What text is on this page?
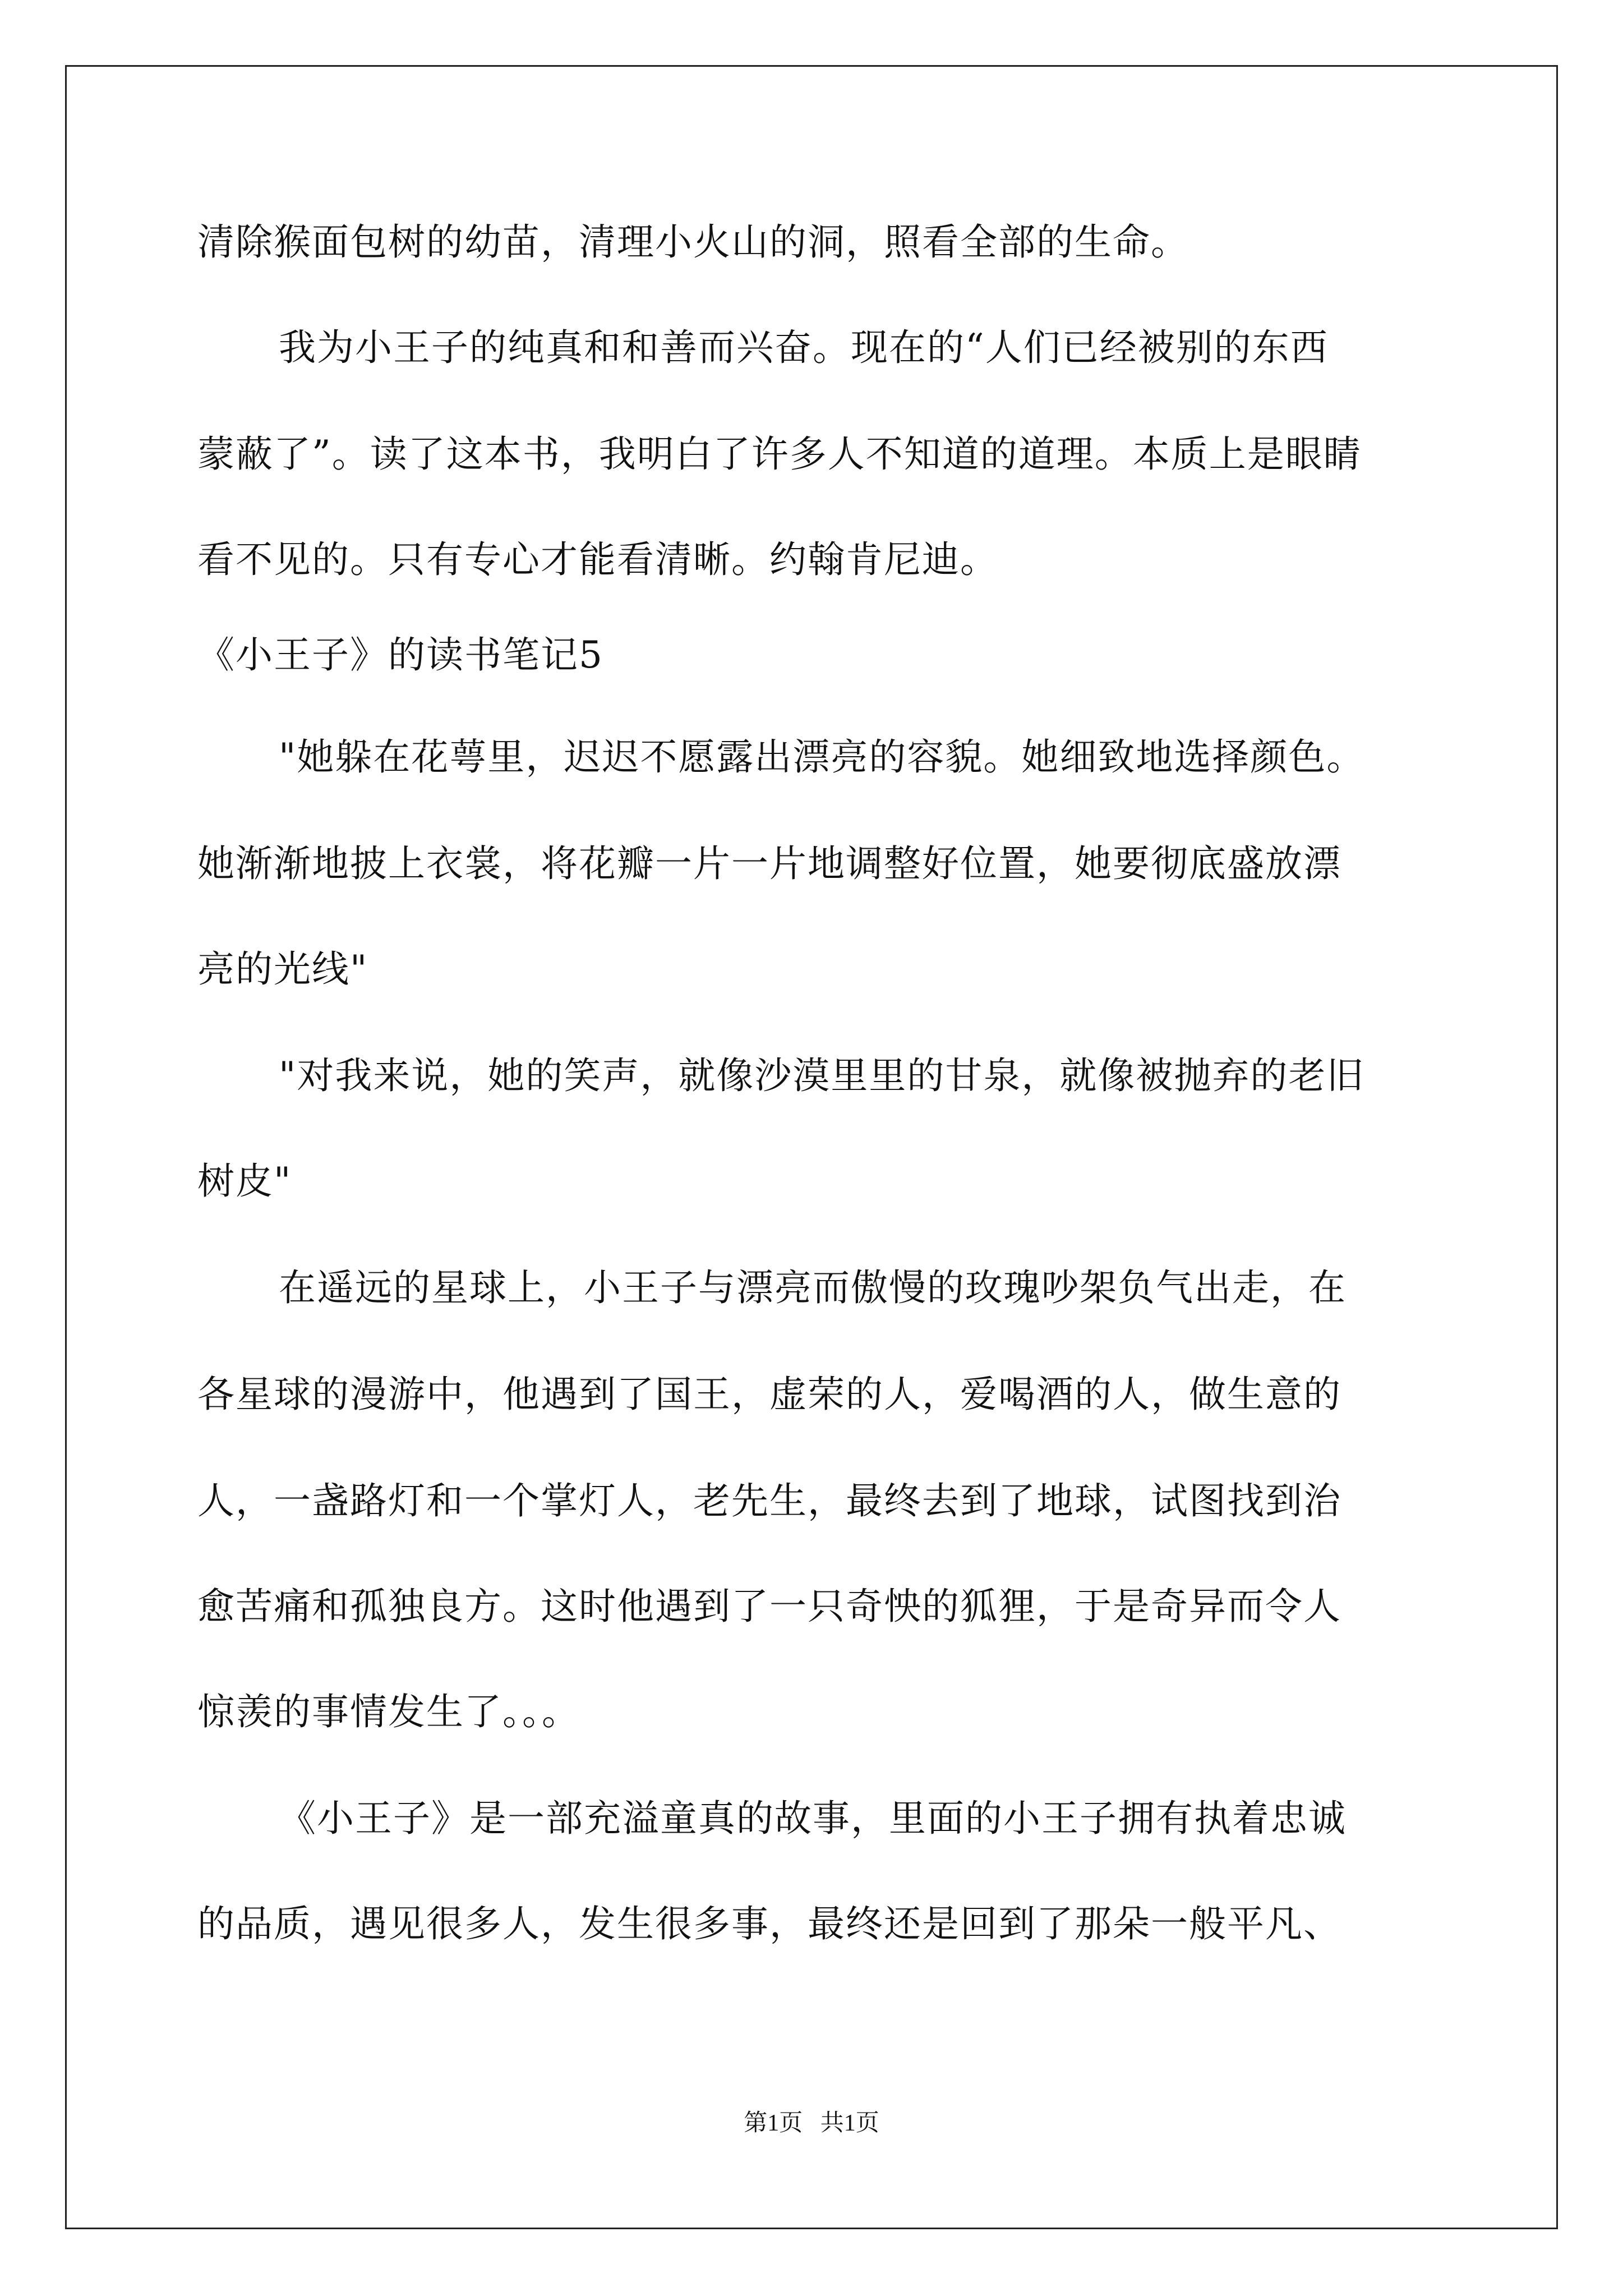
清除猴面包树的幼苗，清理小火山的洞，照看全部的生命。
我为小王子的纯真和和善而兴奋。现在的“人们已经被别的东西
蒙蔽了”。读了这本书，我明白了许多人不知道的道理。本质上是眼睛
看不见的。只有专心才能看清晰。约翰肯尼迪。
《小王子》的读书笔记5
"她躲在花萼里，迟迟不愿露出漂亮的容貌。她细致地选择颜色。
她渐渐地披上衣裳，将花瓣一片一片地调整好位置，她要彻底盛放漂
亮的光线"
"对我来说，她的笑声，就像沙漠里里的甘泉，就像被抛弃的老旧
树皮"
在遥远的星球上，小王子与漂亮而傲慢的玫瑰吵架负气出走，在
各星球的漫游中，他遇到了国王，虚荣的人，爱喝酒的人，做生意的
人，一盏路灯和一个掌灯人，老先生，最终去到了地球，试图找到治
愈苦痛和孤独良方。这时他遇到了一只奇怏的狐狸，于是奇异而令人
惊羡的事情发生了。。。
《小王子》是一部充溢童真的故事，里面的小王子拥有执着忠诚
的品质，遇见很多人，发生很多事，最终还是回到了那朵一般平凡、
第1页   共1页
